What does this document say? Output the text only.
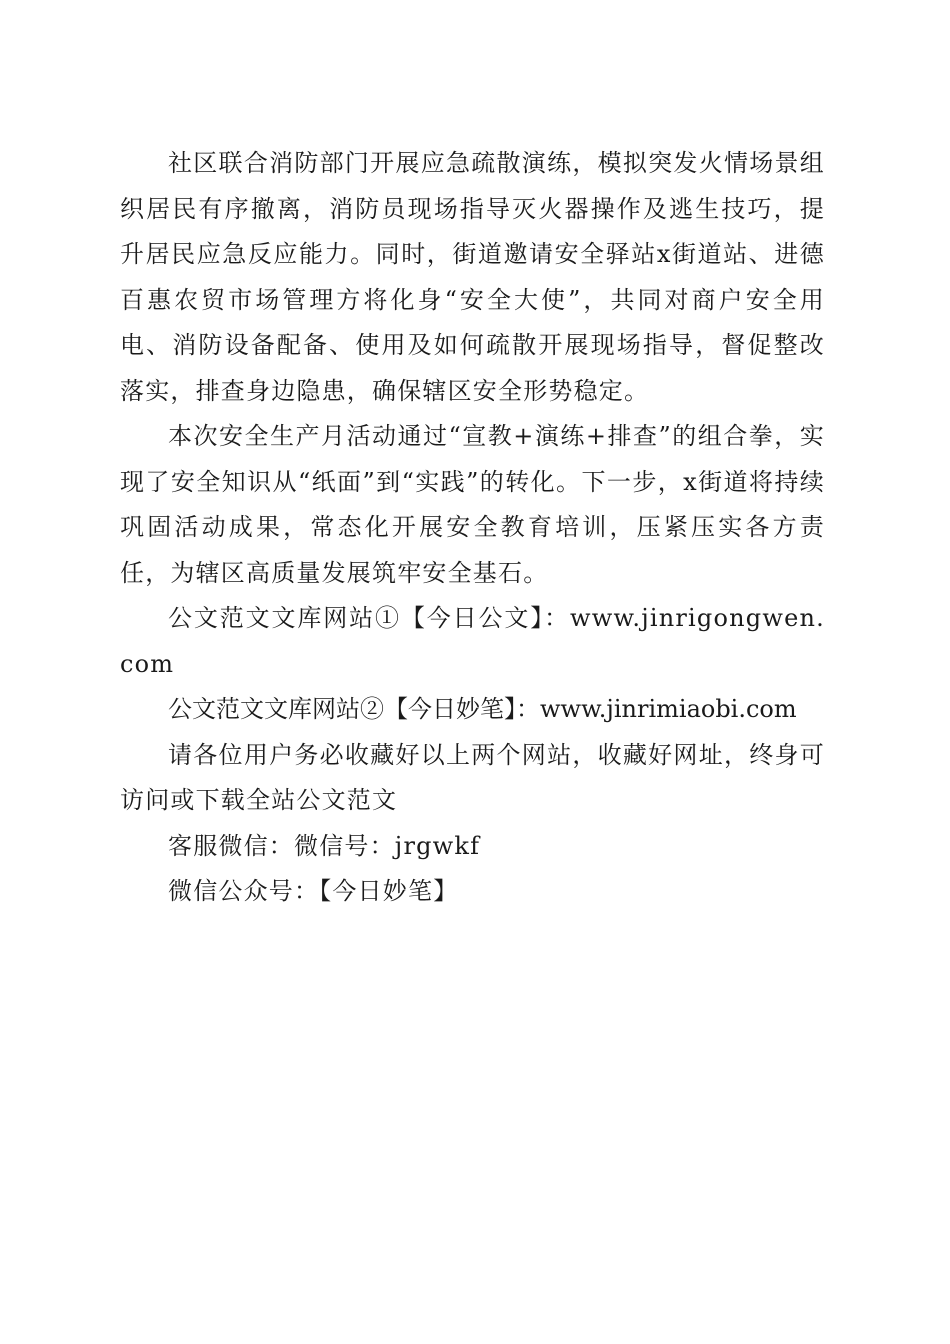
社区联合消防部门开展应急疏散演练，模拟突发火情场景组织居民有序撤离，消防员现场指导灭火器操作及逃生技巧，提升居民应急反应能力。同时，街道邀请安全驿站x街道站、进德百惠农贸市场管理方将化身“安全大使”，共同对商户安全用电、消防设备配备、使用及如何疏散开展现场指导，督促整改落实，排查身边隐患，确保辖区安全形势稳定。

本次安全生产月活动通过“宣教+演练+排查”的组合拳，实现了安全知识从“纸面”到“实践”的转化。下一步，x街道将持续巩固活动成果，常态化开展安全教育培训，压紧压实各方责任，为辖区高质量发展筑牢安全基石。

公文范文文库网站①【今日公文】：www.jinrigongwen.com

公文范文文库网站②【今日妙笔】：www.jinrimiaobi.com

请各位用户务必收藏好以上两个网站，收藏好网址，终身可访问或下载全站公文范文

客服微信：微信号：jrgwkf

微信公众号：【今日妙笔】
